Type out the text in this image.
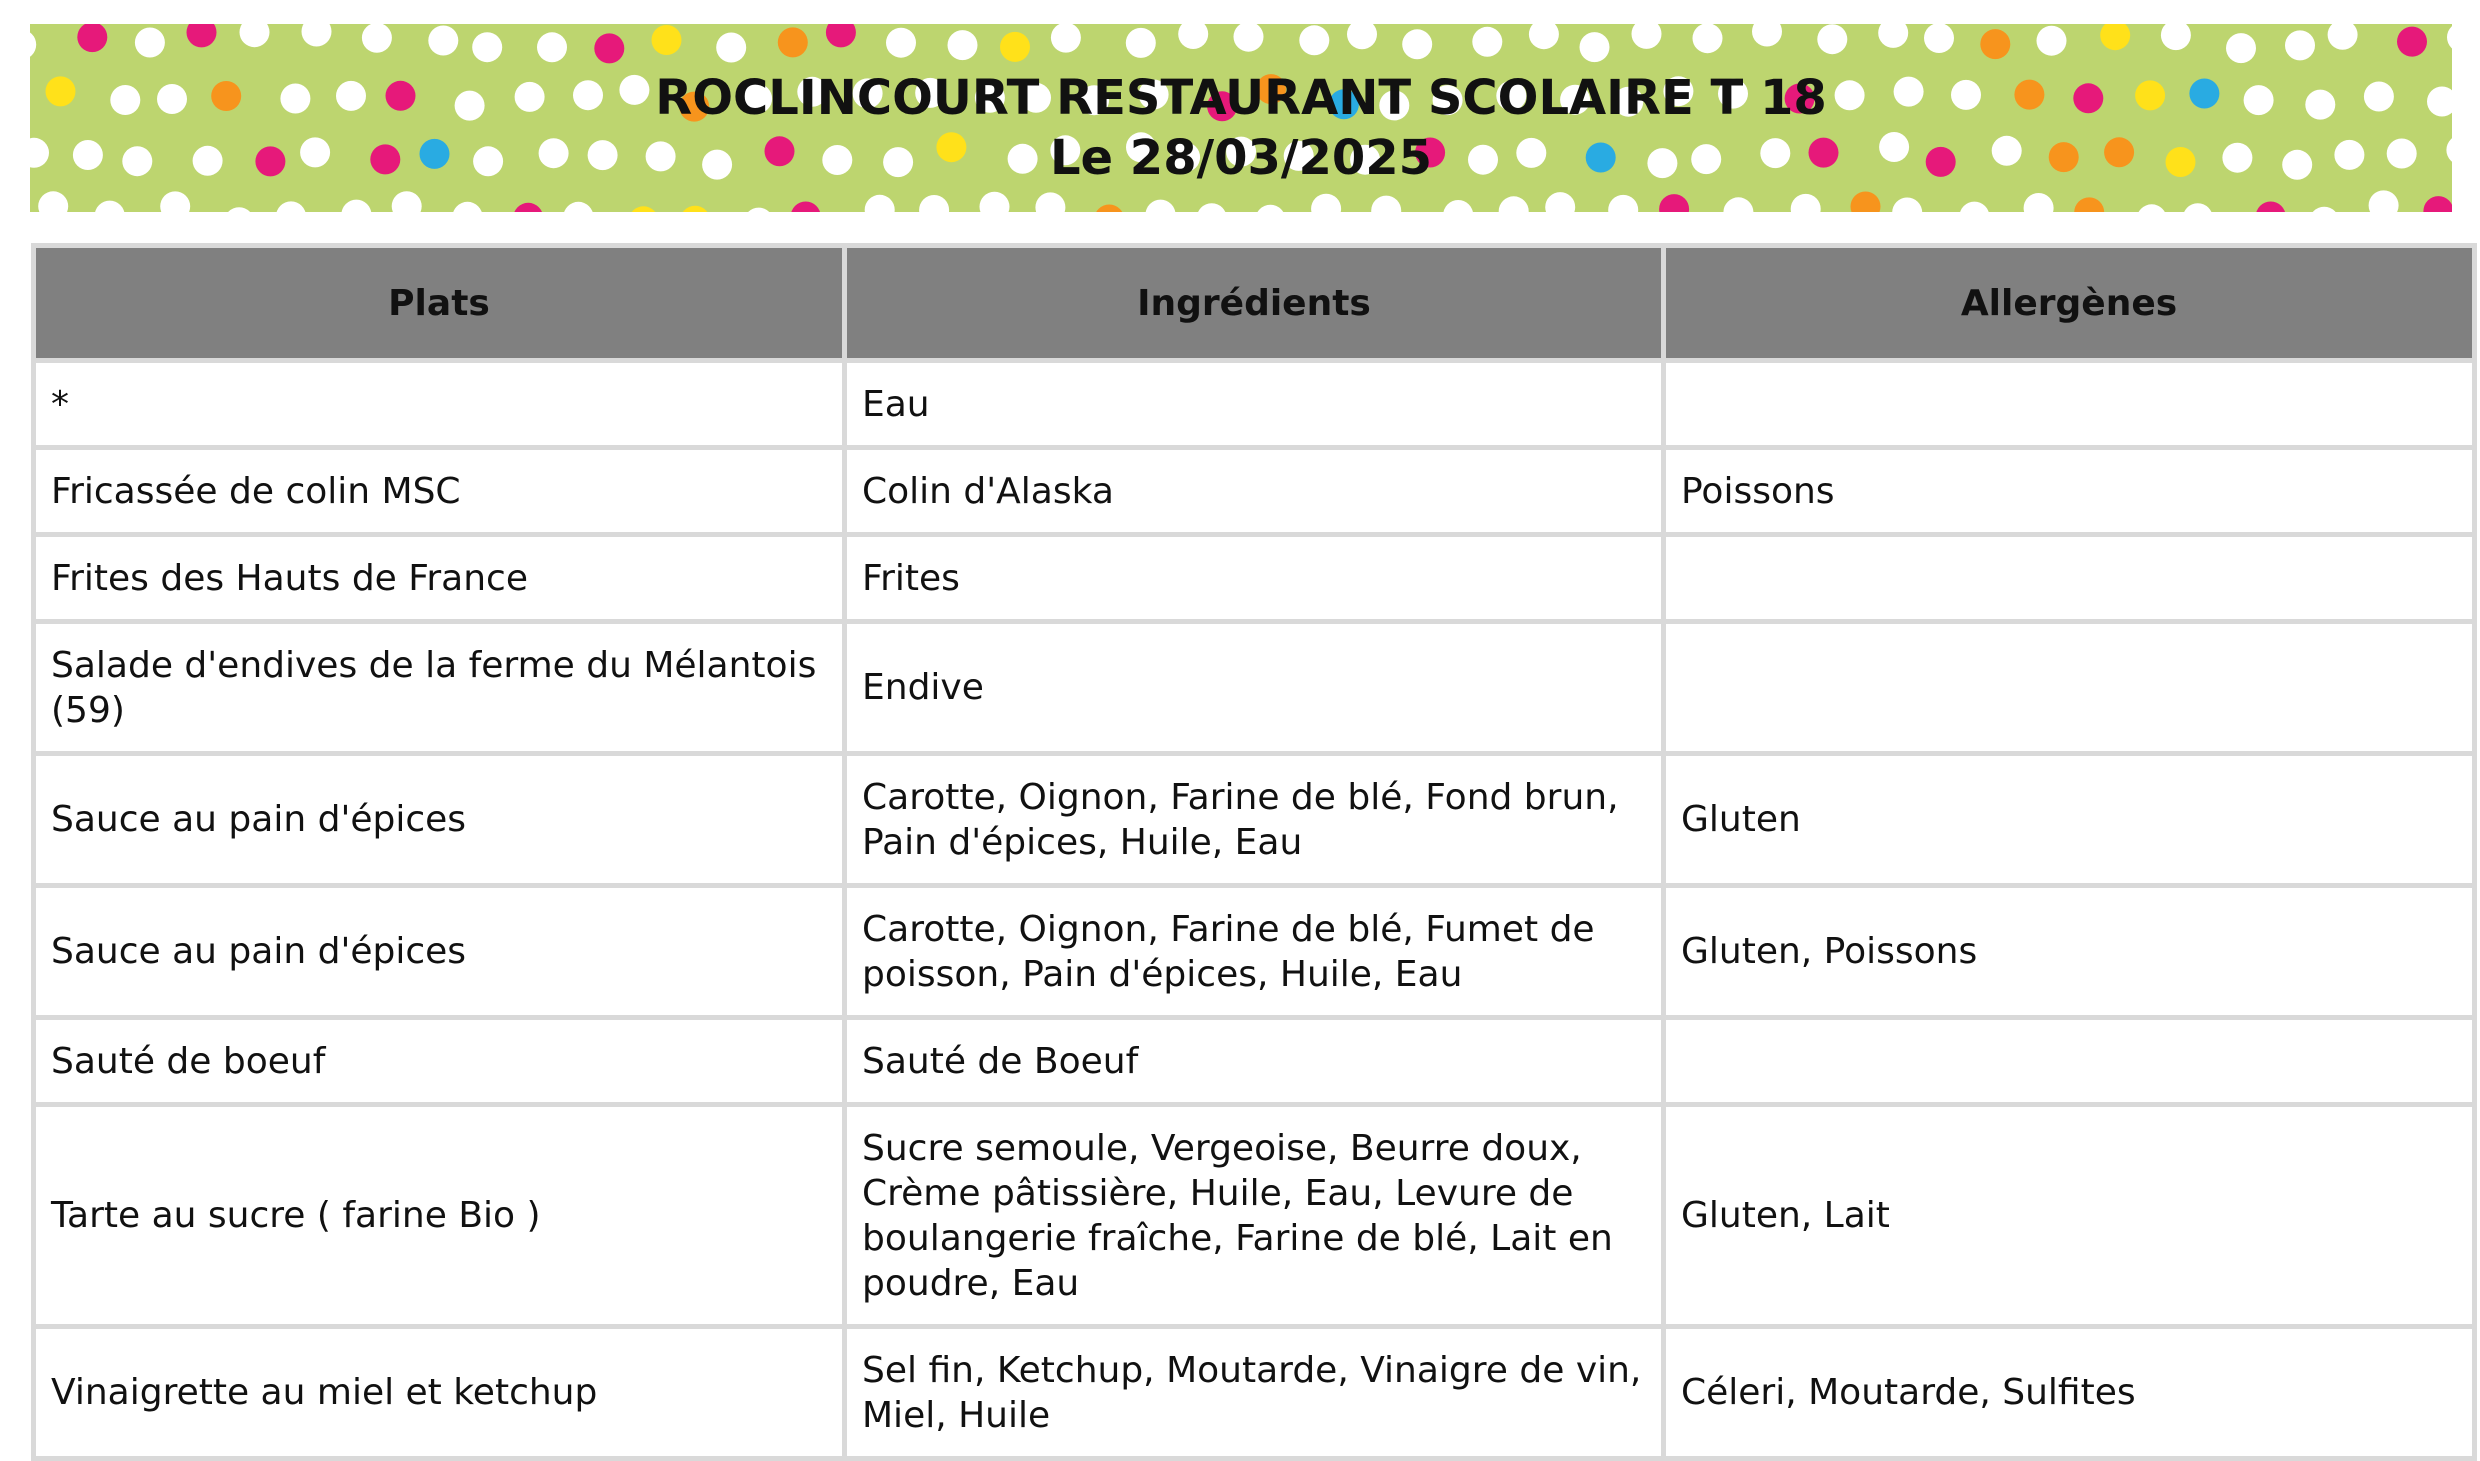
ROCLINCOURT RESTAURANT SCOLAIRE T 18
Le 28/03/2025
Plats	Ingrédients	Allergènes
*	Eau	
Fricassée de colin MSC	Colin d'Alaska	Poissons
Frites des Hauts de France	Frites	
Salade d'endives de la ferme du Mélantois (59)	Endive	
Sauce au pain d'épices	Carotte, Oignon, Farine de blé, Fond brun, Pain d'épices, Huile, Eau	Gluten
Sauce au pain d'épices	Carotte, Oignon, Farine de blé, Fumet de poisson, Pain d'épices, Huile, Eau	Gluten, Poissons
Sauté de boeuf	Sauté de Boeuf	
Tarte au sucre ( farine Bio )	Sucre semoule, Vergeoise, Beurre doux, Crème pâtissière, Huile, Eau, Levure de boulangerie fraîche, Farine de blé, Lait en poudre, Eau	Gluten, Lait
Vinaigrette au miel et ketchup	Sel fin, Ketchup, Moutarde, Vinaigre de vin, Miel, Huile	Céleri, Moutarde, Sulfites
